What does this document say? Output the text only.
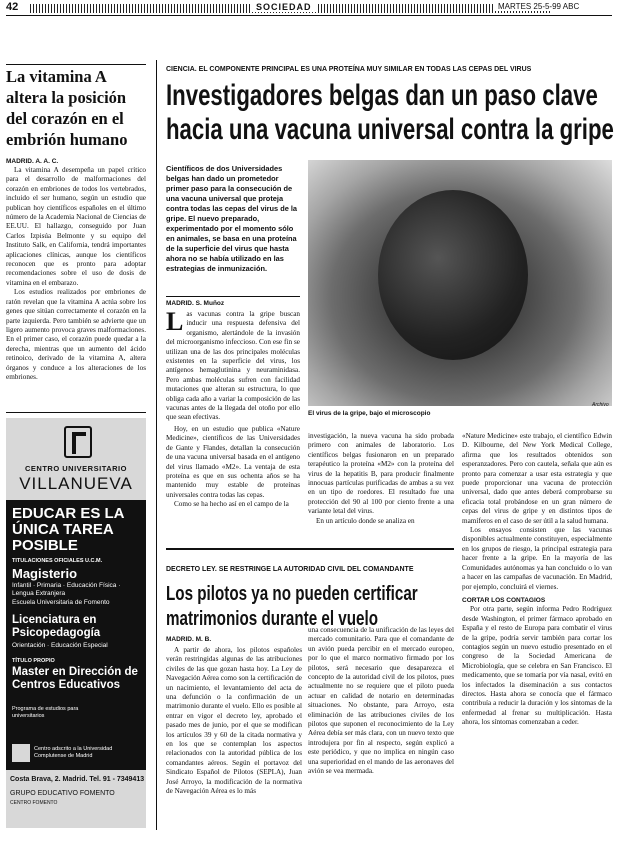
42	SOCIEDAD	MARTES 25-5-99 ABC
La vitamina A altera la posición del corazón en el embrión humano
MADRID. A. A. C.

La vitamina A desempeña un papel crítico para el desarrollo de malformaciones del corazón en embriones de todos los vertebrados, incluido el ser humano, según un estudio que publican hoy científicos españoles en el último número de la Academia Nacional de Ciencias de EE.UU. El hallazgo, conseguido por Juan Carlos Izpisúa Belmonte y su equipo del Instituto Salk, en California, tendrá importantes aplicaciones clínicas, aunque los científicos reconocen que es pronto para adoptar recomendaciones sobre el uso de dosis de vitamina en el embarazo.

Los estudios realizados por embriones de ratón revelan que la vitamina A actúa sobre los genes que sitúan correctamente el corazón en la parte izquierda. Pero también se advierte que un ligero aumento provoca graves malformaciones. En el primer caso, el corazón puede quedar a la derecha, mientras que un aumento del ácido retinoico, derivado de la vitamina A, altera órganos y conduce a los alteraciones de los embriones.

CENTRO UNIVERSITARIO
VILLANUEVA
EDUCAR ES LA ÚNICA TAREA POSIBLE
TITULACIONES OFICIALES U.C.M.
Magisterio
Infantil · Primaria · Educación Física · Lengua Extranjera
Escuela Universitaria de Fomento
Licenciatura en Psicopedagogía
Orientación · Educación Especial
TÍTULO PROPIO
Master en Dirección de Centros Educativos
Programa de estudios para universitarios
Centro adscrito a la Universidad Complutense de Madrid
Costa Brava, 2. Madrid. Tel. 91 - 7349413
GRUPO EDUCATIVO FOMENTO
CENTRO FOMENTO
CIENCIA. EL COMPONENTE PRINCIPAL ES UNA PROTEÍNA MUY SIMILAR EN TODAS LAS CEPAS DEL VIRUS
Investigadores belgas dan un paso clave
hacia una vacuna universal contra la gripe
Científicos de dos Universidades belgas han dado un prometedor primer paso para la consecución de una vacuna universal que proteja contra todas las cepas del virus de la gripe. El nuevo preparado, experimentado por el momento sólo en animales, se basa en una proteína de la superficie del virus que hasta ahora no se había utilizado en las estrategias de inmunización.
MADRID. S. Muñoz
L as vacunas contra la gripe buscan inducir una respuesta defensiva del organismo, alertándole de la invasión del microorganismo infeccioso. Con ese fin se utilizan una de las dos principales moléculas existentes en la superficie del virus, los antígenos hemaglutinina y neuraminidasa. Pero ambas moléculas sufren con facilidad mutaciones que alteran su estructura, lo que obliga cada año a variar la composición de las vacunas antes de la llegada del otoño por ello que sean efectivas.

Hoy, en un estudio que publica «Nature Medicine», científicos de las Universidades de Gante y Flandes, detallan la consecución de una vacuna universal basada en el antígeno del virus llamado «M2». La ventaja de esta proteína es que en sus ochenta años se ha mantenido muy estable de proteínas universales contra todas las cepas.

Como se ha hecho así en el campo de la

El virus de la gripe, bajo el microscopio
Archivo

investigación, la nueva vacuna ha sido probada primero con animales de laboratorio. Los científicos belgas fusionaron en un preparado terapéutico la proteína «M2» con la proteína del virus de la hepatitis B, para producir finalmente innocuas partículas purificadas de ambas a su vez en un tipo de roedores. El resultado fue una protección del 90 al 100 por ciento frente a una variante letal del virus.

En un artículo donde se analiza en

«Nature Medicine» este trabajo, el científico Edwin D. Kilbourne, del New York Medical College, afirma que los resultados obtenidos son esperanzadores. Pero con cautela, señala que aún es pronto para comenzar a usar esta estrategia y que puede proporcionar una vacuna de protección universal, dado que antes deberá comprobarse su eficacia total probándose en un gran número de cepas del virus de gripe y en distintos tipos de mamíferos en el caso de ser útil a la salud humana.

Los ensayos consisten que las vacunas disponibles actualmente constituyen, especialmente en los grupos de riesgo, la principal estrategia para hacer frente a la gripe. En la mayoría de las Comunidades autónomas ya han concluido o lo van a hacer en las campañas de vacunación. En Madrid, por ejemplo, concluirá el viernes.

CORTAR LOS CONTAGIOS

Por otra parte, según informa Pedro Rodríguez desde Washington, el primer fármaco aprobado en España y el resto de Europa para combatir el virus de la gripe, podría servir también para cortar los contagios según un nuevo estudio presentado en el congreso de la Sociedad Americana de Microbiología, que se celebra en San Francisco. El medicamento, que se tomaría por vía nasal, evitó en los infectados la diseminación a sus contactos directos. Hasta ahora se conocía que el fármaco contribuía a reducir la duración y los síntomas de la enfermedad al frenar su multiplicación. Hasta ahora, los síntomas comenzaban a ceder.

DECRETO LEY. SE RESTRINGE LA AUTORIDAD CIVIL DEL COMANDANTE
Los pilotos ya no pueden certificar matrimonios durante el vuelo
MADRID. M. B.

A partir de ahora, los pilotos españoles verán restringidas algunas de las atribuciones civiles de las que gozan hasta hoy. La Ley de Navegación Aérea como son la certificación de un nacimiento, el levantamiento del acta de una defunción o la confirmación de un matrimonio durante el vuelo. Ello es posible al entrar en vigor el decreto ley, aprobado el pasado mes de junio, por el que se modifican los artículos 39 y 60 de la citada normativa y en los que se contemplan los aspectos relacionados con la autoridad pública de los comandantes aéreos. Según el portavoz del Sindicato Español de Pilotos (SEPLA), Juan José Arroyo, la modificación de la normativa de Navegación Aérea es lo más

una consecuencia de la unificación de las leyes del mercado comunitario. Para que el comandante de un avión pueda percibir en el mercado europeo, por lo que el marco normativo firmado por los pilotos, será necesario que desaparezca el concepto de la autoridad civil de los pilotos, pues actualmente no se requiere que el piloto pueda actuar en calidad de notario en determinadas situaciones. No obstante, para Arroyo, esta eliminación de las atribuciones civiles de los pilotos que suponen el reconocimiento de la Ley Aérea debía ser más clara, con un nuevo texto que introdujera por fin al respecto, según explicó a este periódico, y que no implica en ningún caso una superioridad en el mando de las aeronaves del avión se vea mermada.
